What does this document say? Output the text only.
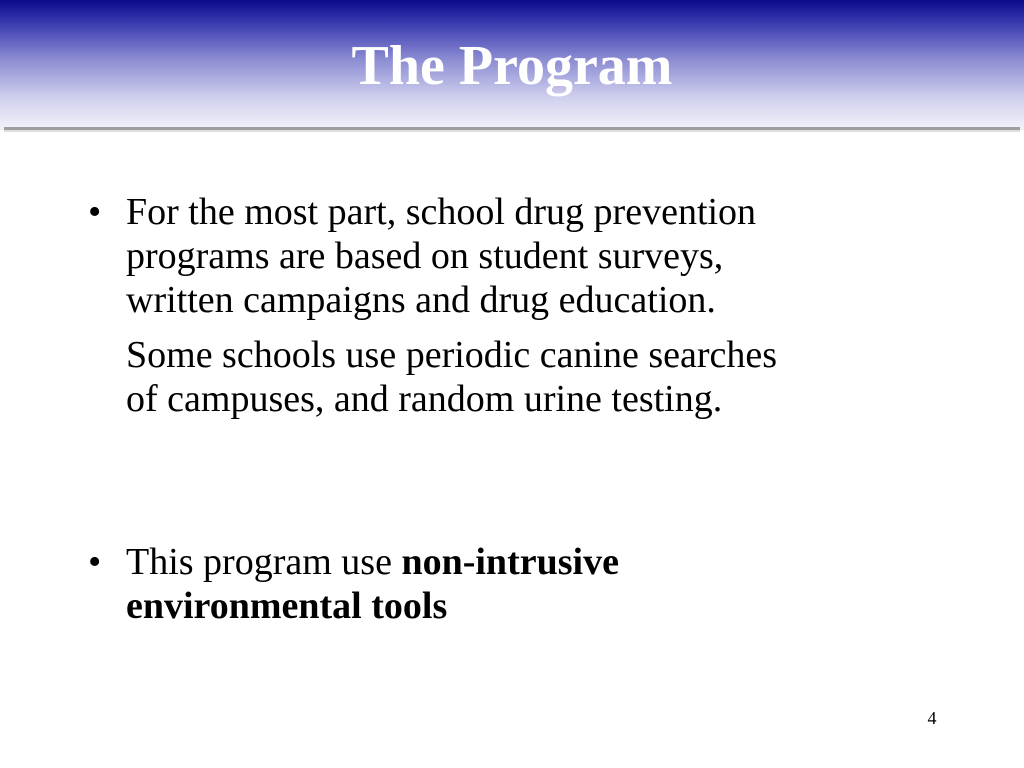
The Program
• For the most part, school drug prevention
programs are based on student surveys,
written campaigns and drug education.
Some schools use periodic canine searches
of campuses, and random urine testing.
• This program use non-intrusive
environmental tools
4
